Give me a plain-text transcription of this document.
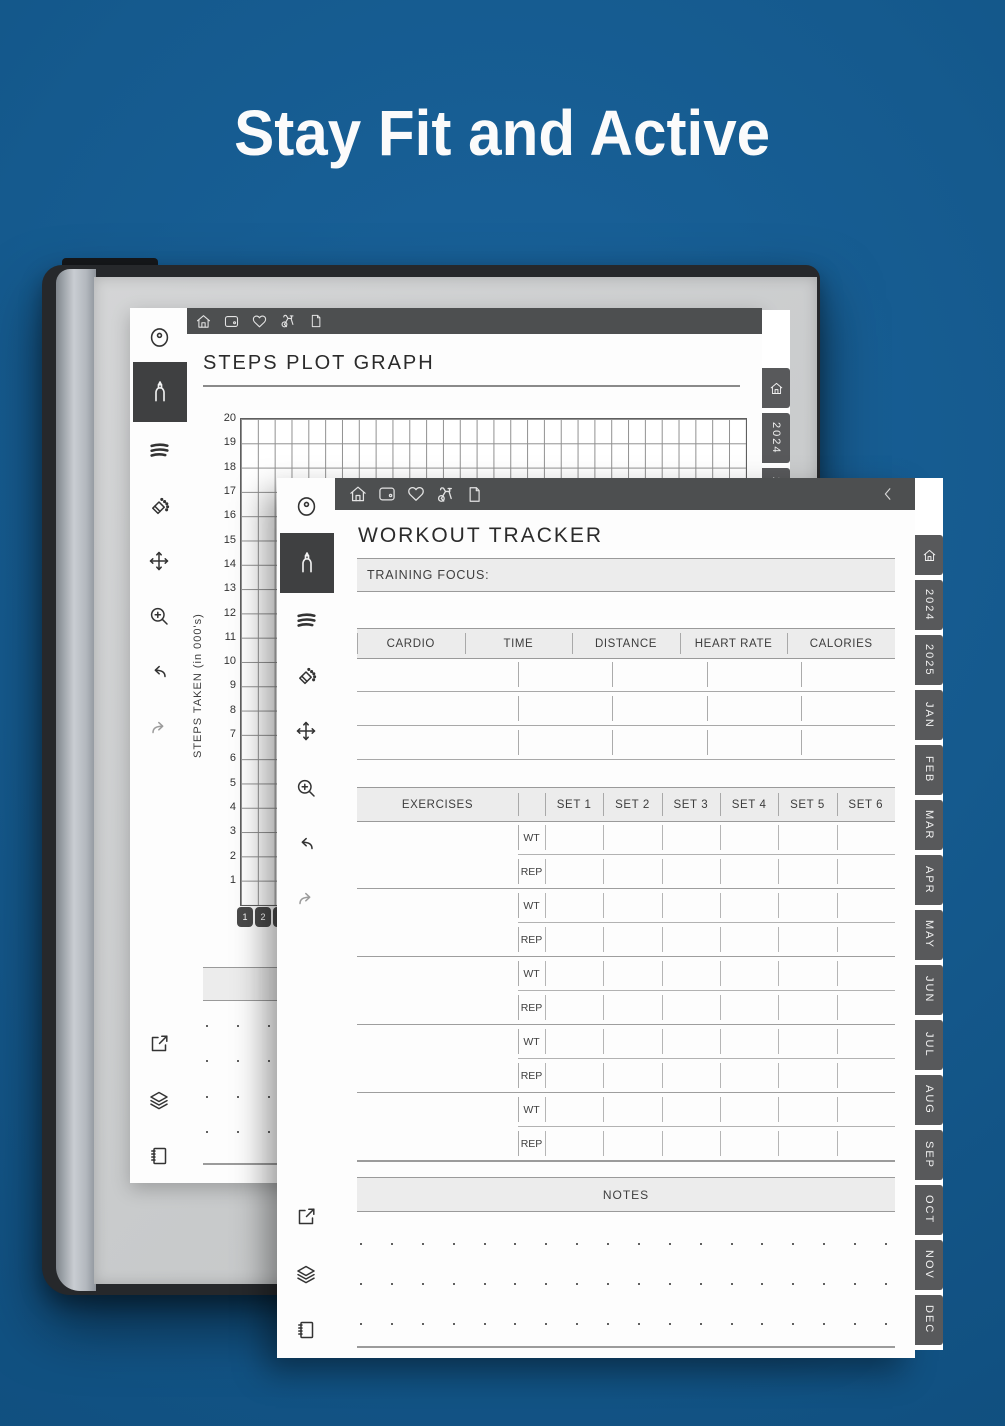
Stay Fit and Active
STEPS PLOT GRAPH
STEPS TAKEN (in 000's)
20
19
18
17
16
15
14
13
12
11
10
9
8
7
6
5
4
3
2
1
1	2
2024
WORKOUT TRACKER
TRAINING FOCUS:
CARDIO	TIME	DISTANCE	HEART RATE	CALORIES
EXERCISES	SET 1	SET 2	SET 3	SET 4	SET 5	SET 6
WT
REP
WT
REP
WT
REP
WT
REP
WT
REP
NOTES
2024
2025
JAN
FEB
MAR
APR
MAY
JUN
JUL
AUG
SEP
OCT
NOV
DEC
